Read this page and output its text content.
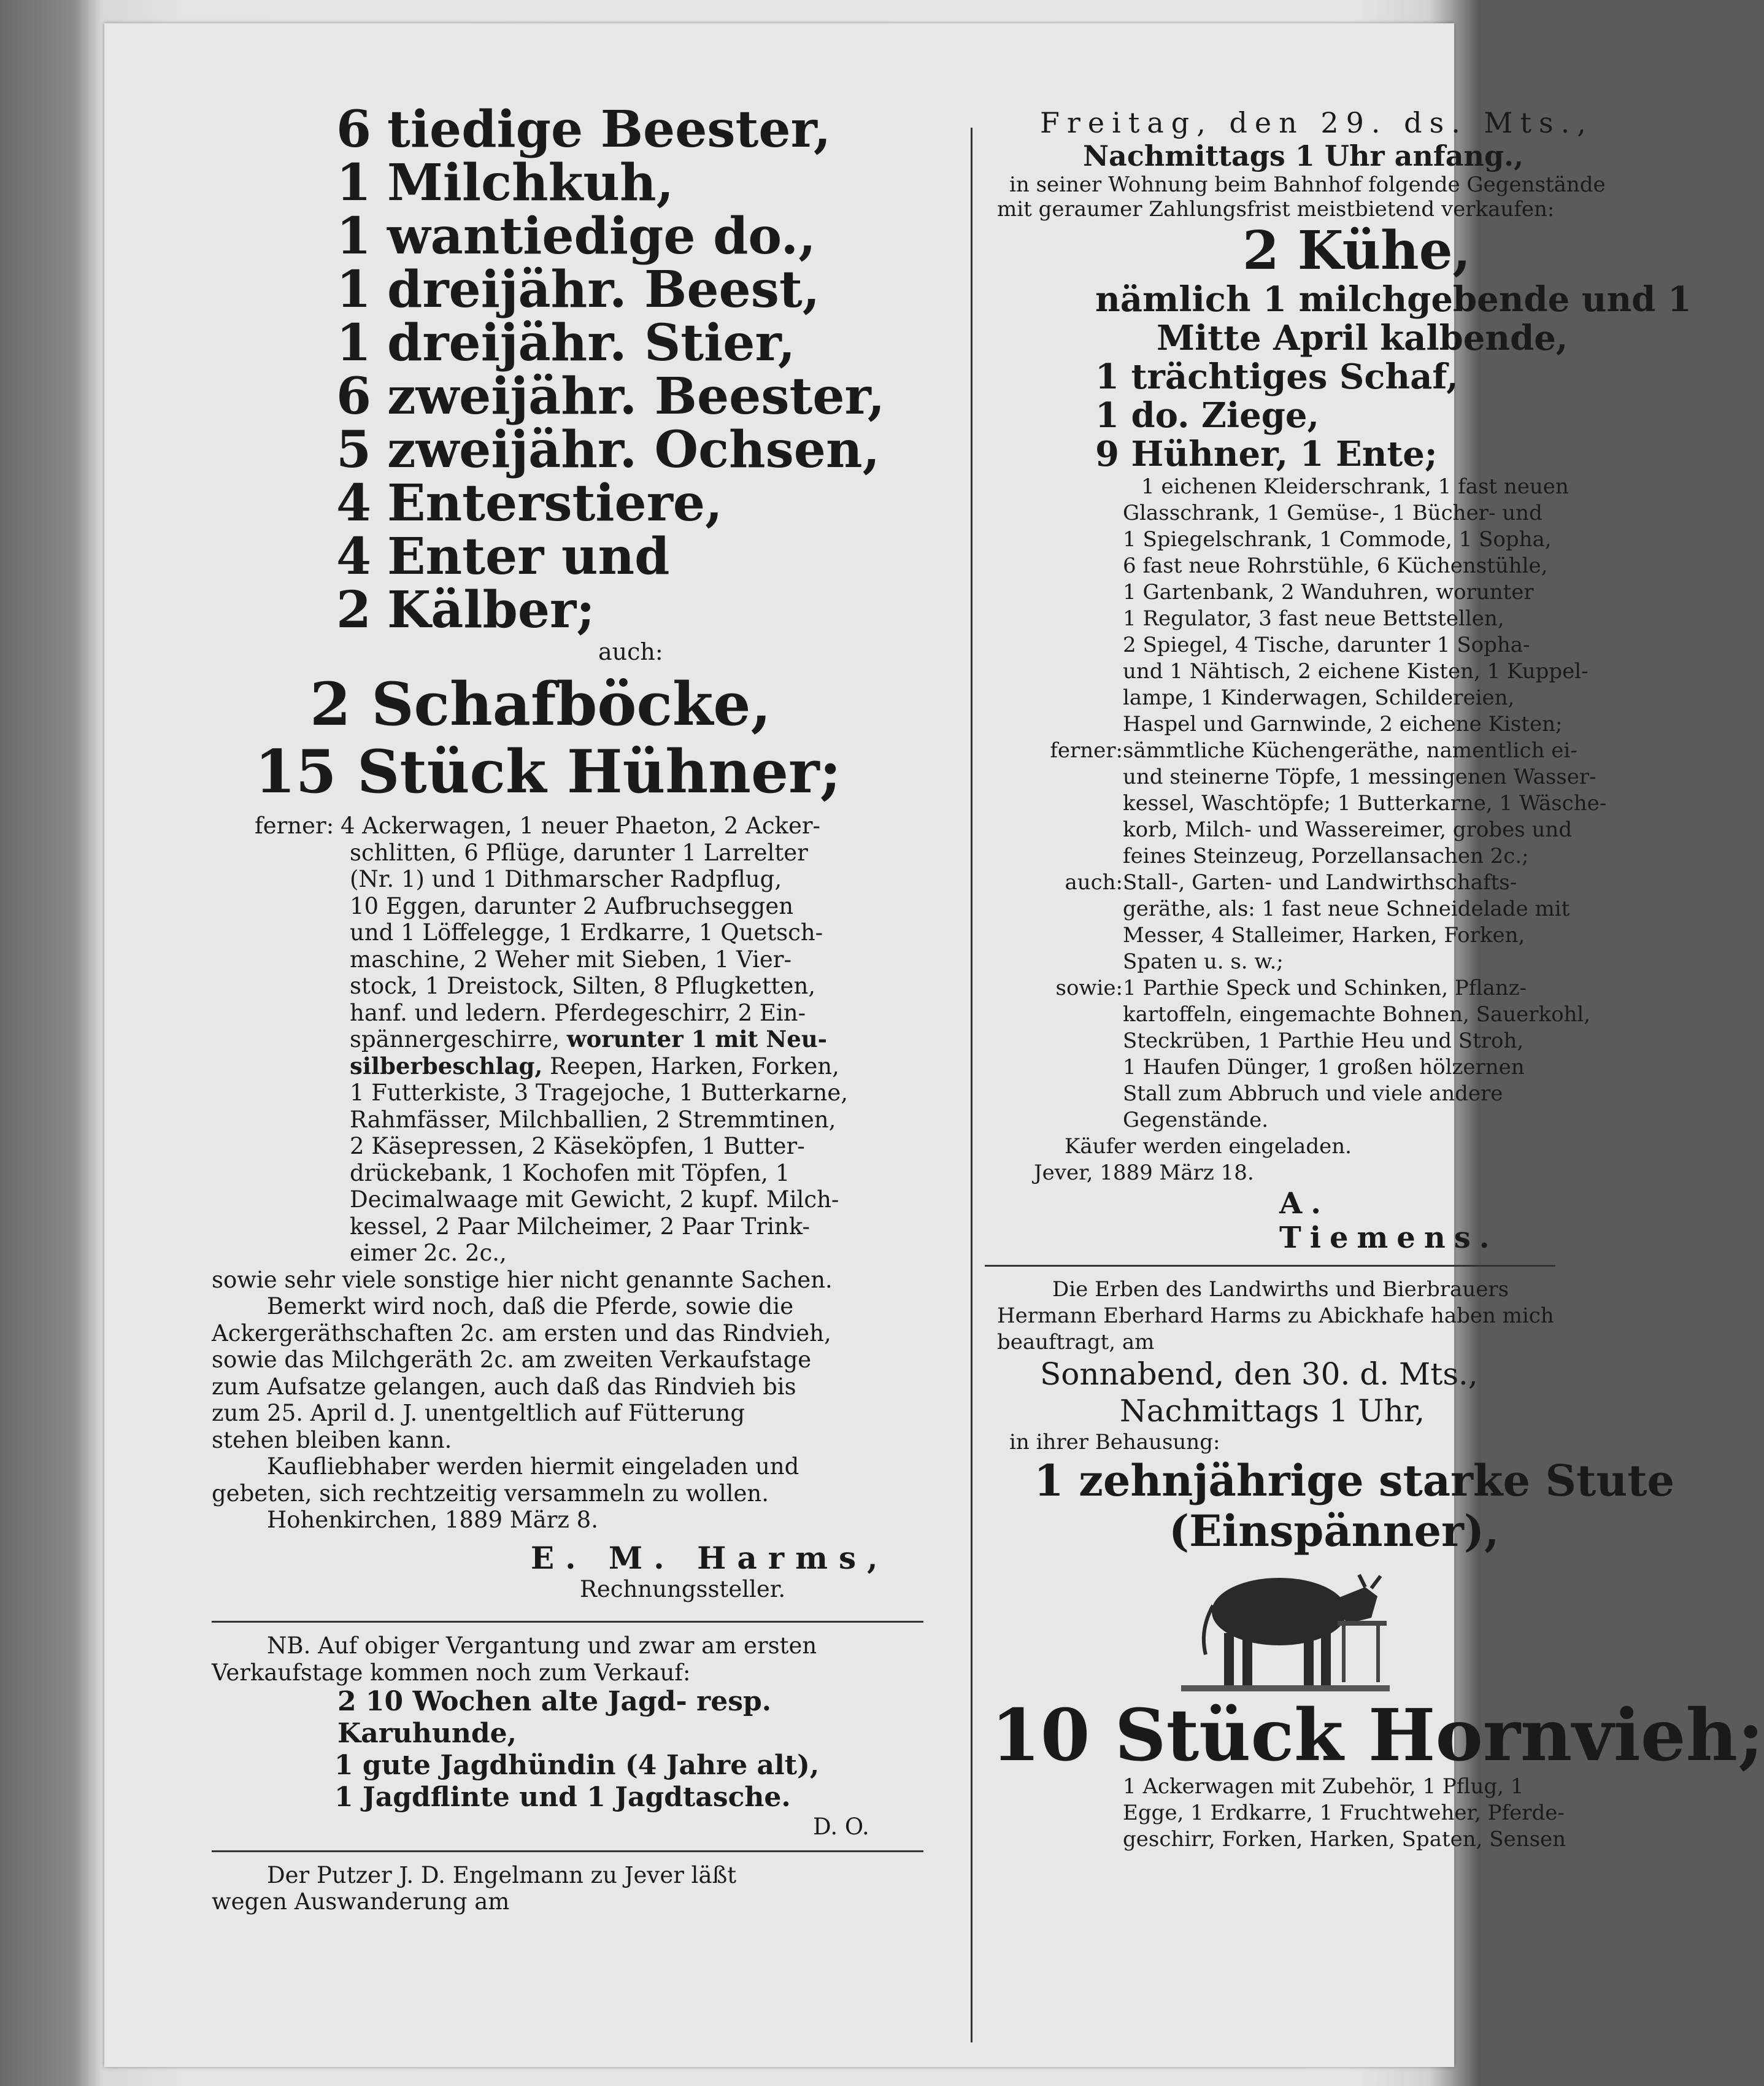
6 tiedige Beester,
1 Milchkuh,
1 wantiedige do.,
1 dreijähr. Beest,
1 dreijähr. Stier,
6 zweijähr. Beester,
5 zweijähr. Ochsen,
4 Enterstiere,
4 Enter und
2 Kälber;
auch:
2 Schafböcke,
15 Stück Hühner;
ferner: 4 Ackerwagen, 1 neuer Phaeton, 2 Acker-
schlitten, 6 Pflüge, darunter 1 Larrelter
(Nr. 1) und 1 Dithmarscher Radpflug,
10 Eggen, darunter 2 Aufbruchseggen
und 1 Löffelegge, 1 Erdkarre, 1 Quetsch-
maschine, 2 Weher mit Sieben, 1 Vier-
stock, 1 Dreistock, Silten, 8 Pflugketten,
hanf. und ledern. Pferdegeschirr, 2 Ein-
spännergeschirre, worunter 1 mit Neu-
silberbeschlag, Reepen, Harken, Forken,
1 Futterkiste, 3 Tragejoche, 1 Butterkarne,
Rahmfässer, Milchballien, 2 Stremmtinen,
2 Käsepressen, 2 Käseköpfen, 1 Butter-
drückebank, 1 Kochofen mit Töpfen, 1
Decimalwaage mit Gewicht, 2 kupf. Milch-
kessel, 2 Paar Milcheimer, 2 Paar Trink-
eimer 2c. 2c.,
sowie sehr viele sonstige hier nicht genannte Sachen.
Bemerkt wird noch, daß die Pferde, sowie die
Ackergeräthschaften 2c. am ersten und das Rindvieh,
sowie das Milchgeräth 2c. am zweiten Verkaufstage
zum Aufsatze gelangen, auch daß das Rindvieh bis
zum 25. April d. J. unentgeltlich auf Fütterung
stehen bleiben kann.
Kaufliebhaber werden hiermit eingeladen und
gebeten, sich rechtzeitig versammeln zu wollen.
Hohenkirchen, 1889 März 8.
E. M. Harms,
Rechnungssteller.
NB. Auf obiger Vergantung und zwar am ersten
Verkaufstage kommen noch zum Verkauf:
2 10 Wochen alte Jagd- resp.
Karuhunde,
1 gute Jagdhündin (4 Jahre alt),
1 Jagdflinte und 1 Jagdtasche.
D. O.
Der Putzer J. D. Engelmann zu Jever läßt
wegen Auswanderung am
Freitag, den 29. ds. Mts.,
Nachmittags 1 Uhr anfang.,
in seiner Wohnung beim Bahnhof folgende Gegenstände
mit geraumer Zahlungsfrist meistbietend verkaufen:
2 Kühe,
nämlich 1 milchgebende und 1
Mitte April kalbende,
1 trächtiges Schaf,
1 do. Ziege,
9 Hühner, 1 Ente;
1 eichenen Kleiderschrank, 1 fast neuen
Glasschrank, 1 Gemüse-, 1 Bücher- und
1 Spiegelschrank, 1 Commode, 1 Sopha,
6 fast neue Rohrstühle, 6 Küchenstühle,
1 Gartenbank, 2 Wanduhren, worunter
1 Regulator, 3 fast neue Bettstellen,
2 Spiegel, 4 Tische, darunter 1 Sopha-
und 1 Nähtisch, 2 eichene Kisten, 1 Kuppel-
lampe, 1 Kinderwagen, Schildereien,
Haspel und Garnwinde, 2 eichene Kisten;
ferner:sämmtliche Küchengeräthe, namentlich ei-
und steinerne Töpfe, 1 messingenen Wasser-
kessel, Waschtöpfe; 1 Butterkarne, 1 Wäsche-
korb, Milch- und Wassereimer, grobes und
feines Steinzeug, Porzellansachen 2c.;
auch:Stall-, Garten- und Landwirthschafts-
geräthe, als: 1 fast neue Schneidelade mit
Messer, 4 Stalleimer, Harken, Forken,
Spaten u. s. w.;
sowie:1 Parthie Speck und Schinken, Pflanz-
kartoffeln, eingemachte Bohnen, Sauerkohl,
Steckrüben, 1 Parthie Heu und Stroh,
1 Haufen Dünger, 1 großen hölzernen
Stall zum Abbruch und viele andere
Gegenstände.
Käufer werden eingeladen.
Jever, 1889 März 18.
A. Tiemens.
Die Erben des Landwirths und Bierbrauers
Hermann Eberhard Harms zu Abickhafe haben mich
beauftragt, am
Sonnabend, den 30. d. Mts.,
Nachmittags 1 Uhr,
in ihrer Behausung:
1 zehnjährige starke Stute
(Einspänner),
10 Stück Hornvieh;
1 Ackerwagen mit Zubehör, 1 Pflug, 1
Egge, 1 Erdkarre, 1 Fruchtweher, Pferde-
geschirr, Forken, Harken, Spaten, Sensen
